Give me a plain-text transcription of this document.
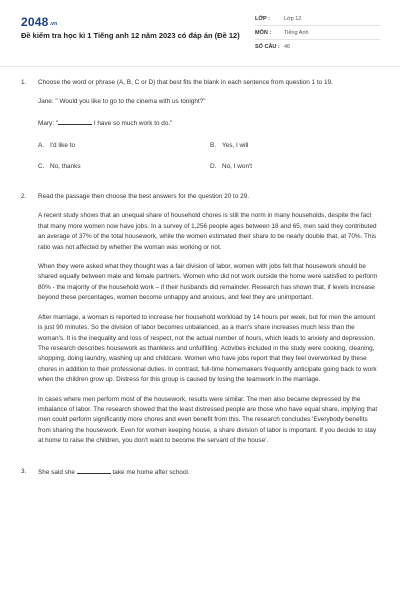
2048.vn
Đề kiểm tra học kì 1 Tiếng anh 12 năm 2023 có đáp án (Đề 12)
LỚP :	Lớp 12
MÔN :	Tiếng Anh
SỐ CÂU : 46
1. Choose the word or phrase (A, B, C or D) that best fits the blank in each sentence from question 1 to 19.
Jane: " Would you like to go to the cinema with us tonight?"
Mary: "	I have so much work to do."
A. I'd like to	B. Yes, I will
C. No, thanks	D. No, I won't
2. Read the passage then choose the best answers for the question 20 to 29.
A recent study shows that an unequal share of household chores is still the norm in many households, despite the fact that many more women now have jobs. In a survey of 1,256 people ages between 18 and 65, men said they contributed an average of 37% of the total housework, while the women estimated their share to be nearly double that, at 70%. This ratio was not affected by whether the woman was working or not.
When they were asked what they thought was a fair division of labor, women with jobs felt that housework should be shared equally between male and female partners. Women who did not work outside the home were satisfied to perform 80% - the majority of the household work – if their husbands did remainder. Research has shown that, if levels increase beyond these percentages, women become unhappy and anxious, and feel they are unimportant.
After marriage, a woman is reported to increase her household workload by 14 hours per week, but for men the amount is just 90 minutes. So the division of labor becomes unbalanced, as a man's share increases much less than the woman's. It is the inequality and loss of respect, not the actual number of hours, which leads to anxiety and depression. The research describes housework as thankless and unfulfilling. Activities included in the study were cooking, cleaning, shopping, doing laundry, washing up and childcare. Women who have jobs report that they feel overworked by these chores in addition to their professional duties. In contrast, full-time homemakers frequently anticipate going back to work when the children grow up. Distress for this group is caused by losing the teamwork in the marriage.
In cases where men perform most of the housework, results were similar. The men also became depressed by the imbalance of labor. The research showed that the least distressed people are those who have equal share, implying that men could perform significantly more chores and even benefit from this. The research concludes 'Everybody benefits from sharing the housework. Even for women keeping house, a share division of labor is important. If you decide to stay at home to raise the children, you don't want to become the servant of the house'.
3. She said she	take me home after school.
